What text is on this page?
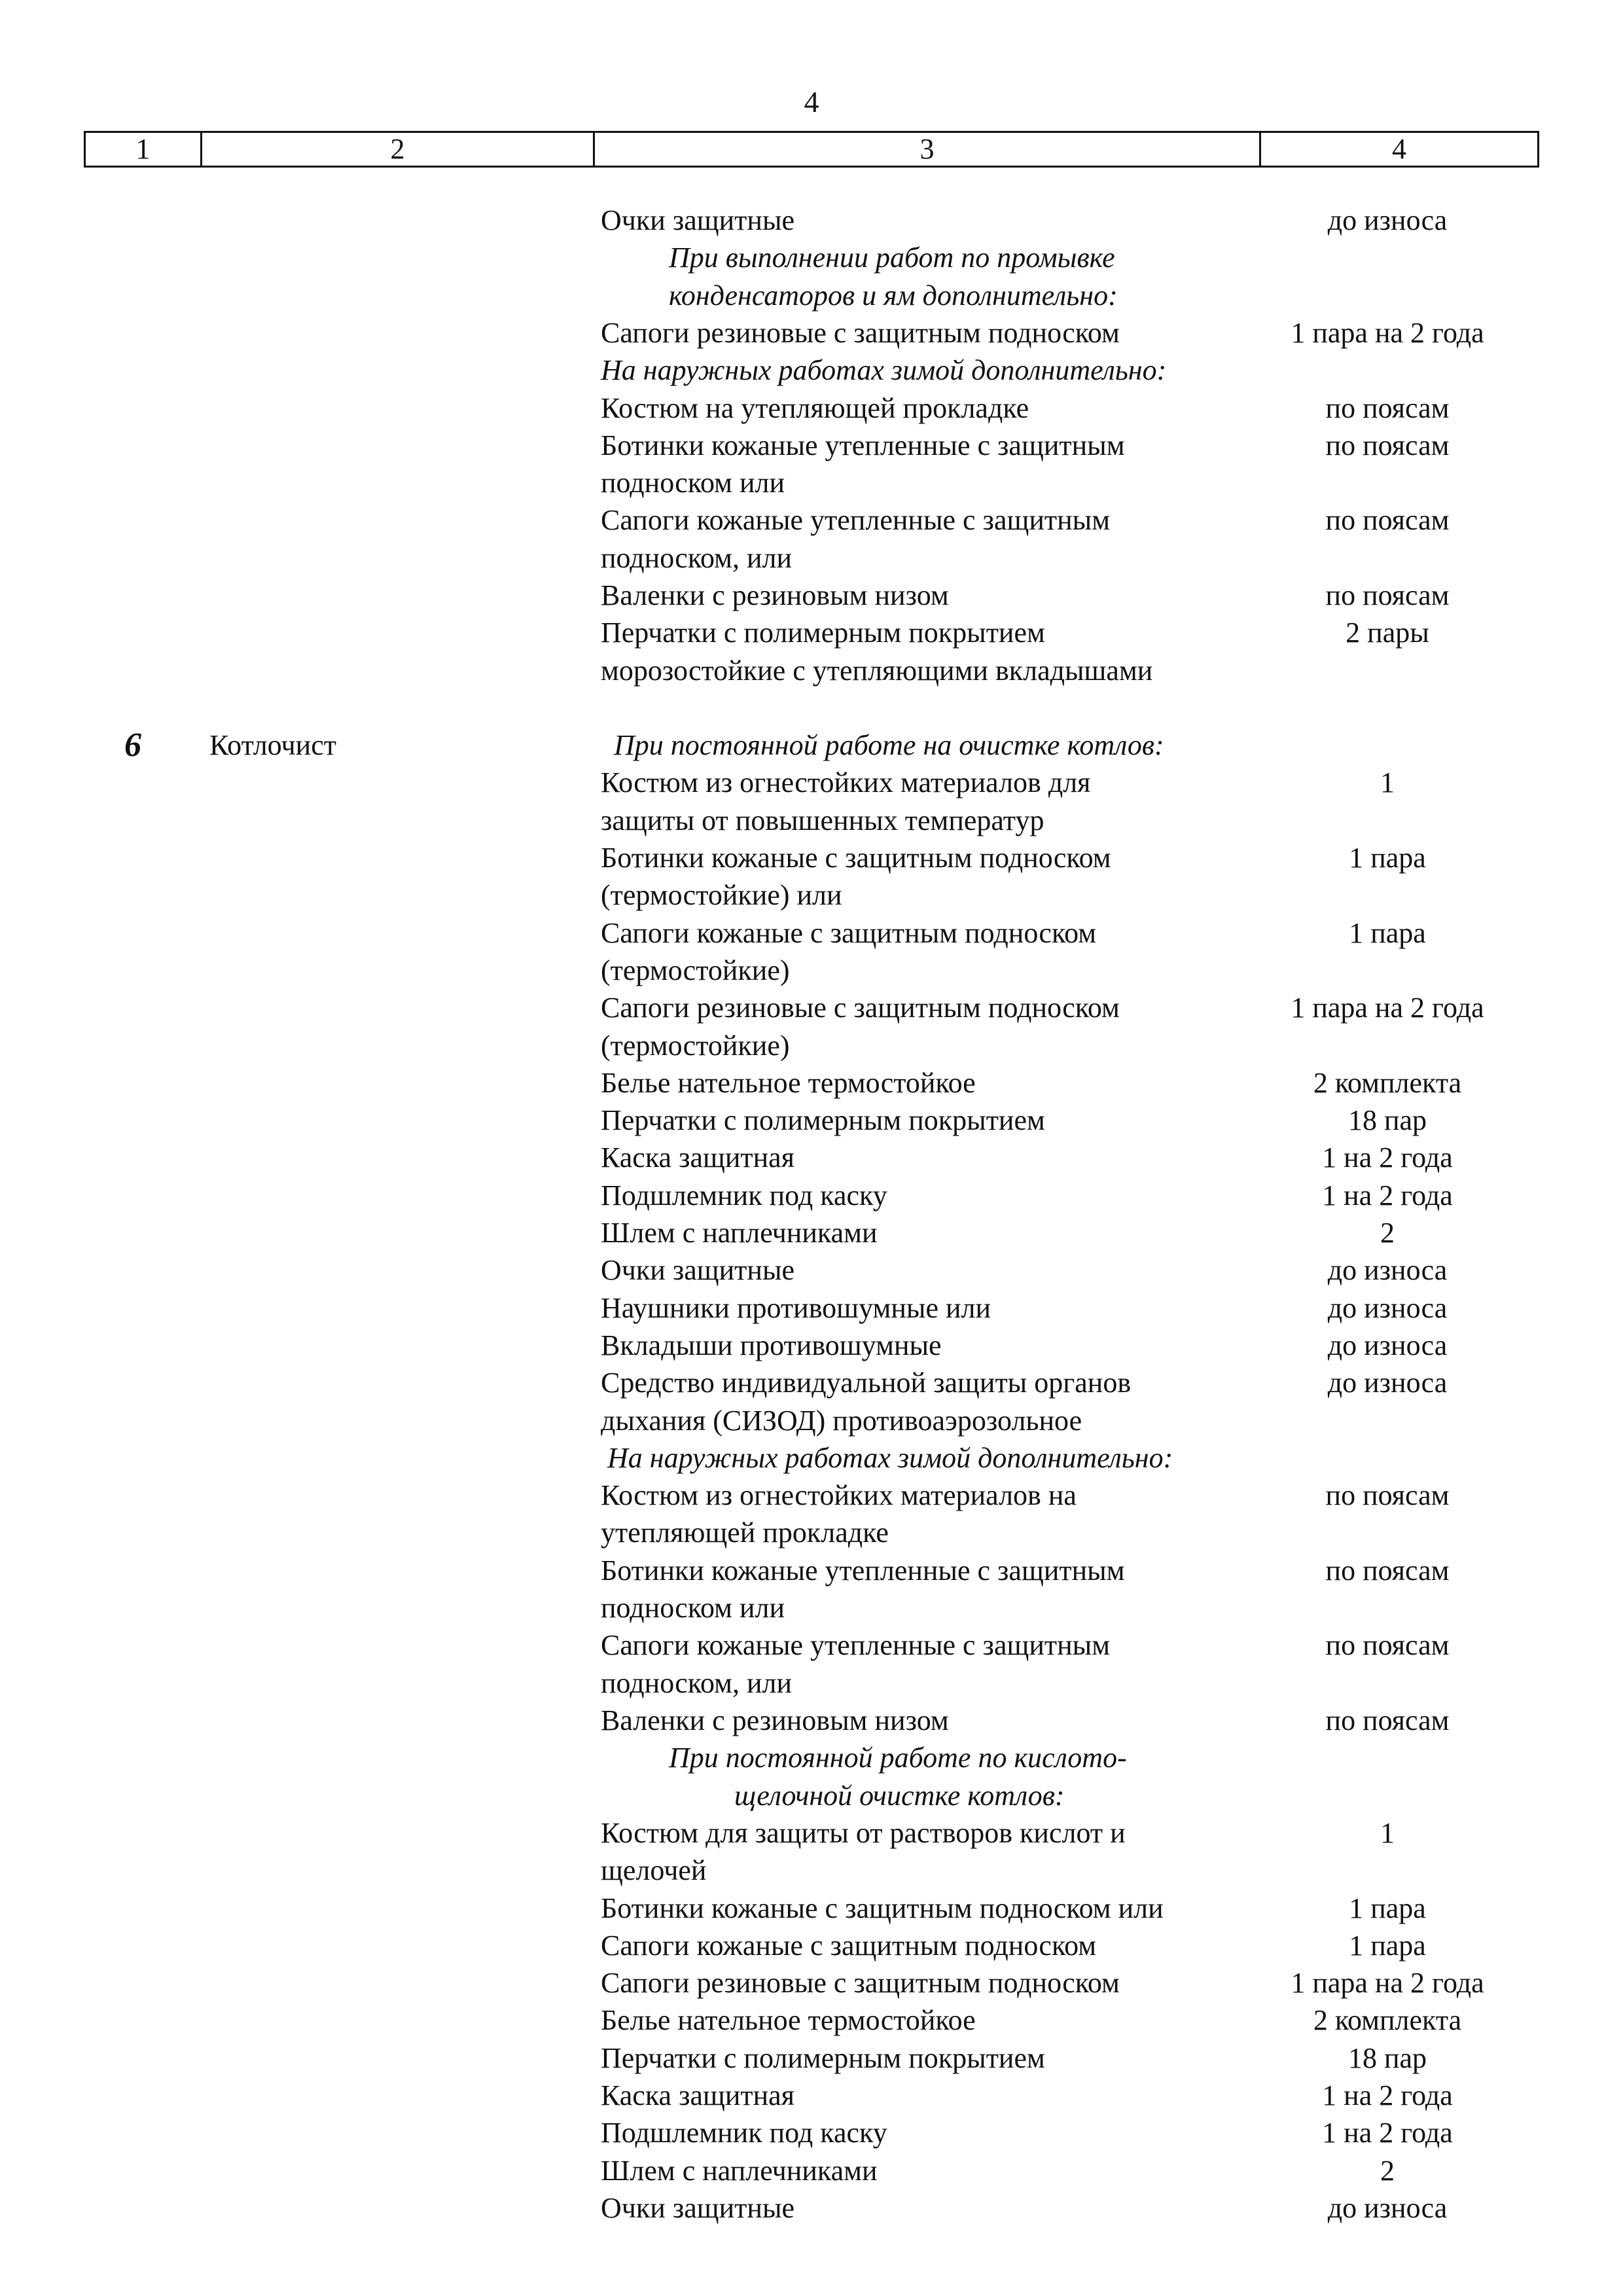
4
1	2	3	4
Очки защитные	до износа
При выполнении работ по промывке
конденсаторов и ям дополнительно:
Сапоги резиновые с защитным подноском	1 пара на 2 года
На наружных работах зимой дополнительно:
Костюм на утепляющей прокладке	по поясам
Ботинки кожаные утепленные с защитным	по поясам
подноском или
Сапоги кожаные утепленные с защитным	по поясам
подноском, или
Валенки с резиновым низом	по поясам
Перчатки с полимерным покрытием	2 пары
морозостойкие с утепляющими вкладышами
6 Котлочист	При постоянной работе на очистке котлов:
Костюм из огнестойких материалов для	1
защиты от повышенных температур
Ботинки кожаные с защитным подноском	1 пара
(термостойкие) или
Сапоги кожаные с защитным подноском	1 пара
(термостойкие)
Сапоги резиновые с защитным подноском	1 пара на 2 года
(термостойкие)
Белье нательное термостойкое	2 комплекта
Перчатки с полимерным покрытием	18 пар
Каска защитная	1 на 2 года
Подшлемник под каску	1 на 2 года
Шлем с наплечниками	2
Очки защитные	до износа
Наушники противошумные или	до износа
Вкладыши противошумные	до износа
Средство индивидуальной защиты органов	до износа
дыхания (СИЗОД) противоаэрозольное
На наружных работах зимой дополнительно:
Костюм из огнестойких материалов на	по поясам
утепляющей прокладке
Ботинки кожаные утепленные с защитным	по поясам
подноском или
Сапоги кожаные утепленные с защитным	по поясам
подноском, или
Валенки с резиновым низом	по поясам
При постоянной работе по кислото-
щелочной очистке котлов:
Костюм для защиты от растворов кислот и	1
щелочей
Ботинки кожаные с защитным подноском или	1 пара
Сапоги кожаные с защитным подноском	1 пара
Сапоги резиновые с защитным подноском	1 пара на 2 года
Белье нательное термостойкое	2 комплекта
Перчатки с полимерным покрытием	18 пар
Каска защитная	1 на 2 года
Подшлемник под каску	1 на 2 года
Шлем с наплечниками	2
Очки защитные	до износа
